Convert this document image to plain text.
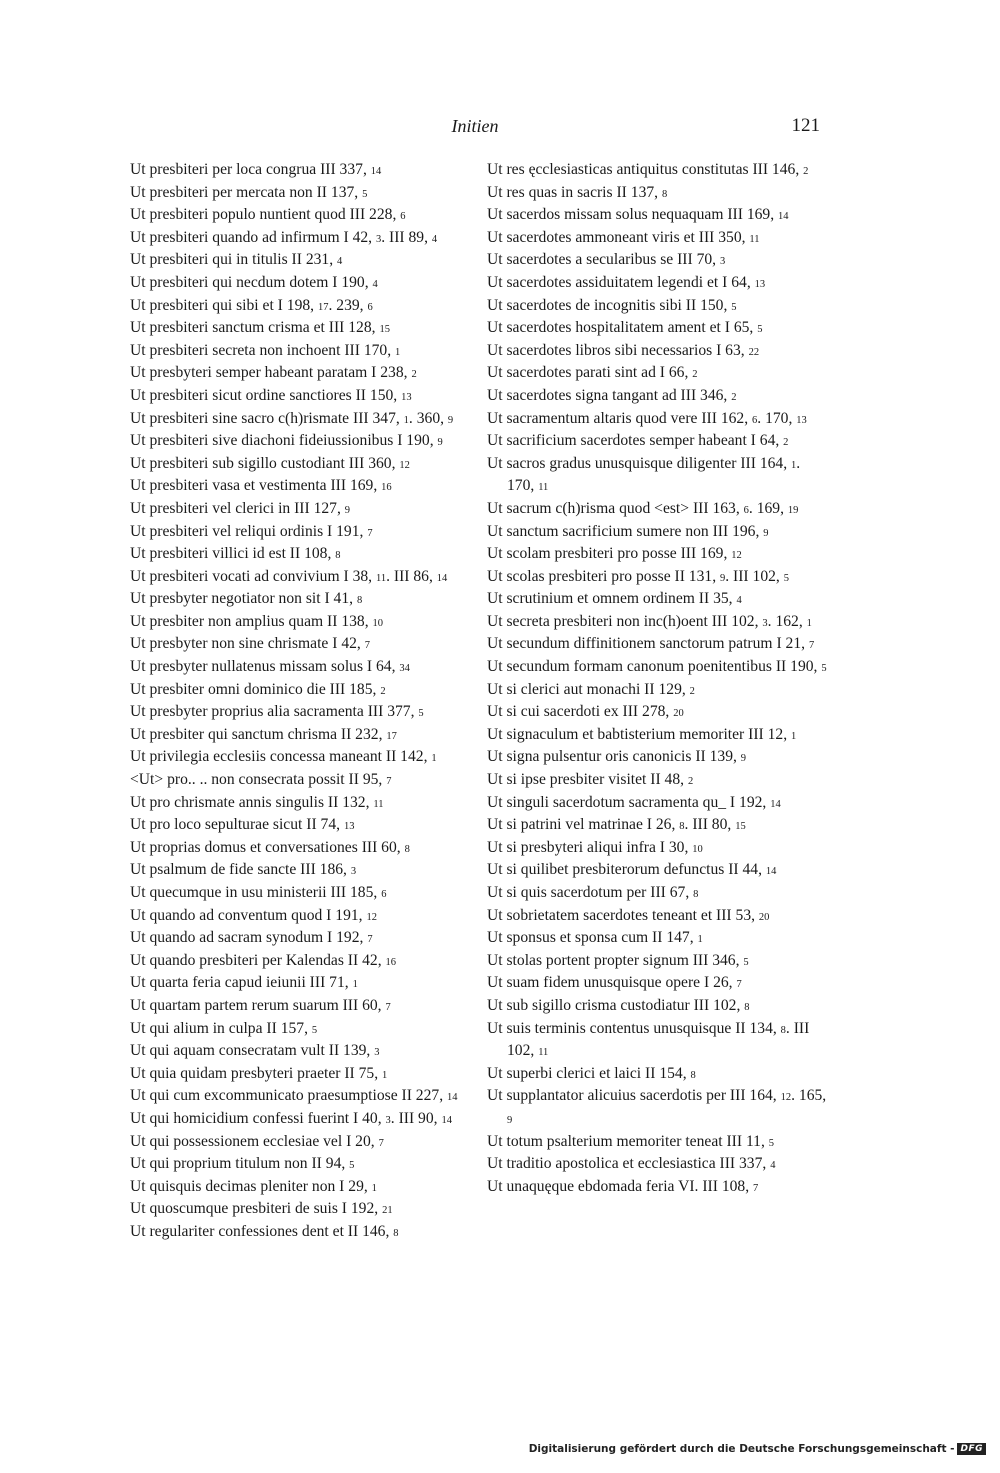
Initien	121
Ut presbiteri per loca congrua III 337, 14
Ut presbiteri per mercata non II 137, 5
Ut presbiteri populo nuntient quod III 228, 6
Ut presbiteri quando ad infirmum I 42, 3. III 89, 4
Ut presbiteri qui in titulis II 231, 4
Ut presbiteri qui necdum dotem I 190, 4
Ut presbiteri qui sibi et I 198, 17. 239, 6
Ut presbiteri sanctum crisma et III 128, 15
Ut presbiteri secreta non inchoent III 170, 1
Ut presbyteri semper habeant paratam I 238, 2
Ut presbiteri sicut ordine sanctiores II 150, 13
Ut presbiteri sine sacro c(h)rismate III 347, 1. 360, 9
Ut presbiteri sive diachoni fideiussionibus I 190, 9
Ut presbiteri sub sigillo custodiant III 360, 12
Ut presbiteri vasa et vestimenta III 169, 16
Ut presbiteri vel clerici in III 127, 9
Ut presbiteri vel reliqui ordinis I 191, 7
Ut presbiteri villici id est II 108, 8
Ut presbiteri vocati ad convivium I 38, 11. III 86, 14
Ut presbyter negotiator non sit I 41, 8
Ut presbiter non amplius quam II 138, 10
Ut presbyter non sine chrismate I 42, 7
Ut presbyter nullatenus missam solus I 64, 34
Ut presbiter omni dominico die III 185, 2
Ut presbyter proprius alia sacramenta III 377, 5
Ut presbiter qui sanctum chrisma II 232, 17
Ut privilegia ecclesiis concessa maneant II 142, 1
<Ut> pro.. .. non consecrata possit II 95, 7
Ut pro chrismate annis singulis II 132, 11
Ut pro loco sepulturae sicut II 74, 13
Ut proprias domus et conversationes III 60, 8
Ut psalmum de fide sancte III 186, 3
Ut quecumque in usu ministerii III 185, 6
Ut quando ad conventum quod I 191, 12
Ut quando ad sacram synodum I 192, 7
Ut quando presbiteri per Kalendas II 42, 16
Ut quarta feria capud ieiunii III 71, 1
Ut quartam partem rerum suarum III 60, 7
Ut qui alium in culpa II 157, 5
Ut qui aquam consecratam vult II 139, 3
Ut quia quidam presbyteri praeter II 75, 1
Ut qui cum excommunicato praesumptiose II 227, 14
Ut qui homicidium confessi fuerint I 40, 3. III 90, 14
Ut qui possessionem ecclesiae vel I 20, 7
Ut qui proprium titulum non II 94, 5
Ut quisquis decimas pleniter non I 29, 1
Ut quoscumque presbiteri de suis I 192, 21
Ut regulariter confessiones dent et II 146, 8
Ut res ęcclesiasticas antiquitus constitutas III 146, 2
Ut res quas in sacris II 137, 8
Ut sacerdos missam solus nequaquam III 169, 14
Ut sacerdotes ammoneant viris et III 350, 11
Ut sacerdotes a secularibus se III 70, 3
Ut sacerdotes assiduitatem legendi et I 64, 13
Ut sacerdotes de incognitis sibi II 150, 5
Ut sacerdotes hospitalitatem ament et I 65, 5
Ut sacerdotes libros sibi necessarios I 63, 22
Ut sacerdotes parati sint ad I 66, 2
Ut sacerdotes signa tangant ad III 346, 2
Ut sacramentum altaris quod vere III 162, 6. 170, 13
Ut sacrificium sacerdotes semper habeant I 64, 2
Ut sacros gradus unusquisque diligenter III 164, 1. 170, 11
Ut sacrum c(h)risma quod <est> III 163, 6. 169, 19
Ut sanctum sacrificium sumere non III 196, 9
Ut scolam presbiteri pro posse III 169, 12
Ut scolas presbiteri pro posse II 131, 9. III 102, 5
Ut scrutinium et omnem ordinem II 35, 4
Ut secreta presbiteri non inc(h)oent III 102, 3. 162, 1
Ut secundum diffinitionem sanctorum patrum I 21, 7
Ut secundum formam canonum poenitentibus II 190, 5
Ut si clerici aut monachi II 129, 2
Ut si cui sacerdoti ex III 278, 20
Ut signaculum et babtisterium memoriter III 12, 1
Ut signa pulsentur oris canonicis II 139, 9
Ut si ipse presbiter visitet II 48, 2
Ut singuli sacerdotum sacramenta qu_ I 192, 14
Ut si patrini vel matrinae I 26, 8. III 80, 15
Ut si presbyteri aliqui infra I 30, 10
Ut si quilibet presbiterorum defunctus II 44, 14
Ut si quis sacerdotum per III 67, 8
Ut sobrietatem sacerdotes teneant et III 53, 20
Ut sponsus et sponsa cum II 147, 1
Ut stolas portent propter signum III 346, 5
Ut suam fidem unusquisque opere I 26, 7
Ut sub sigillo crisma custodiatur III 102, 8
Ut suis terminis contentus unusquisque II 134, 8. III 102, 11
Ut superbi clerici et laici II 154, 8
Ut supplantator alicuius sacerdotis per III 164, 12. 165, 9
Ut totum psalterium memoriter teneat III 11, 5
Ut traditio apostolica et ecclesiastica III 337, 4
Ut unaquęque ebdomada feria VI. III 108, 7
Digitalisierung gefördert durch die Deutsche Forschungsgemeinschaft - DFG
